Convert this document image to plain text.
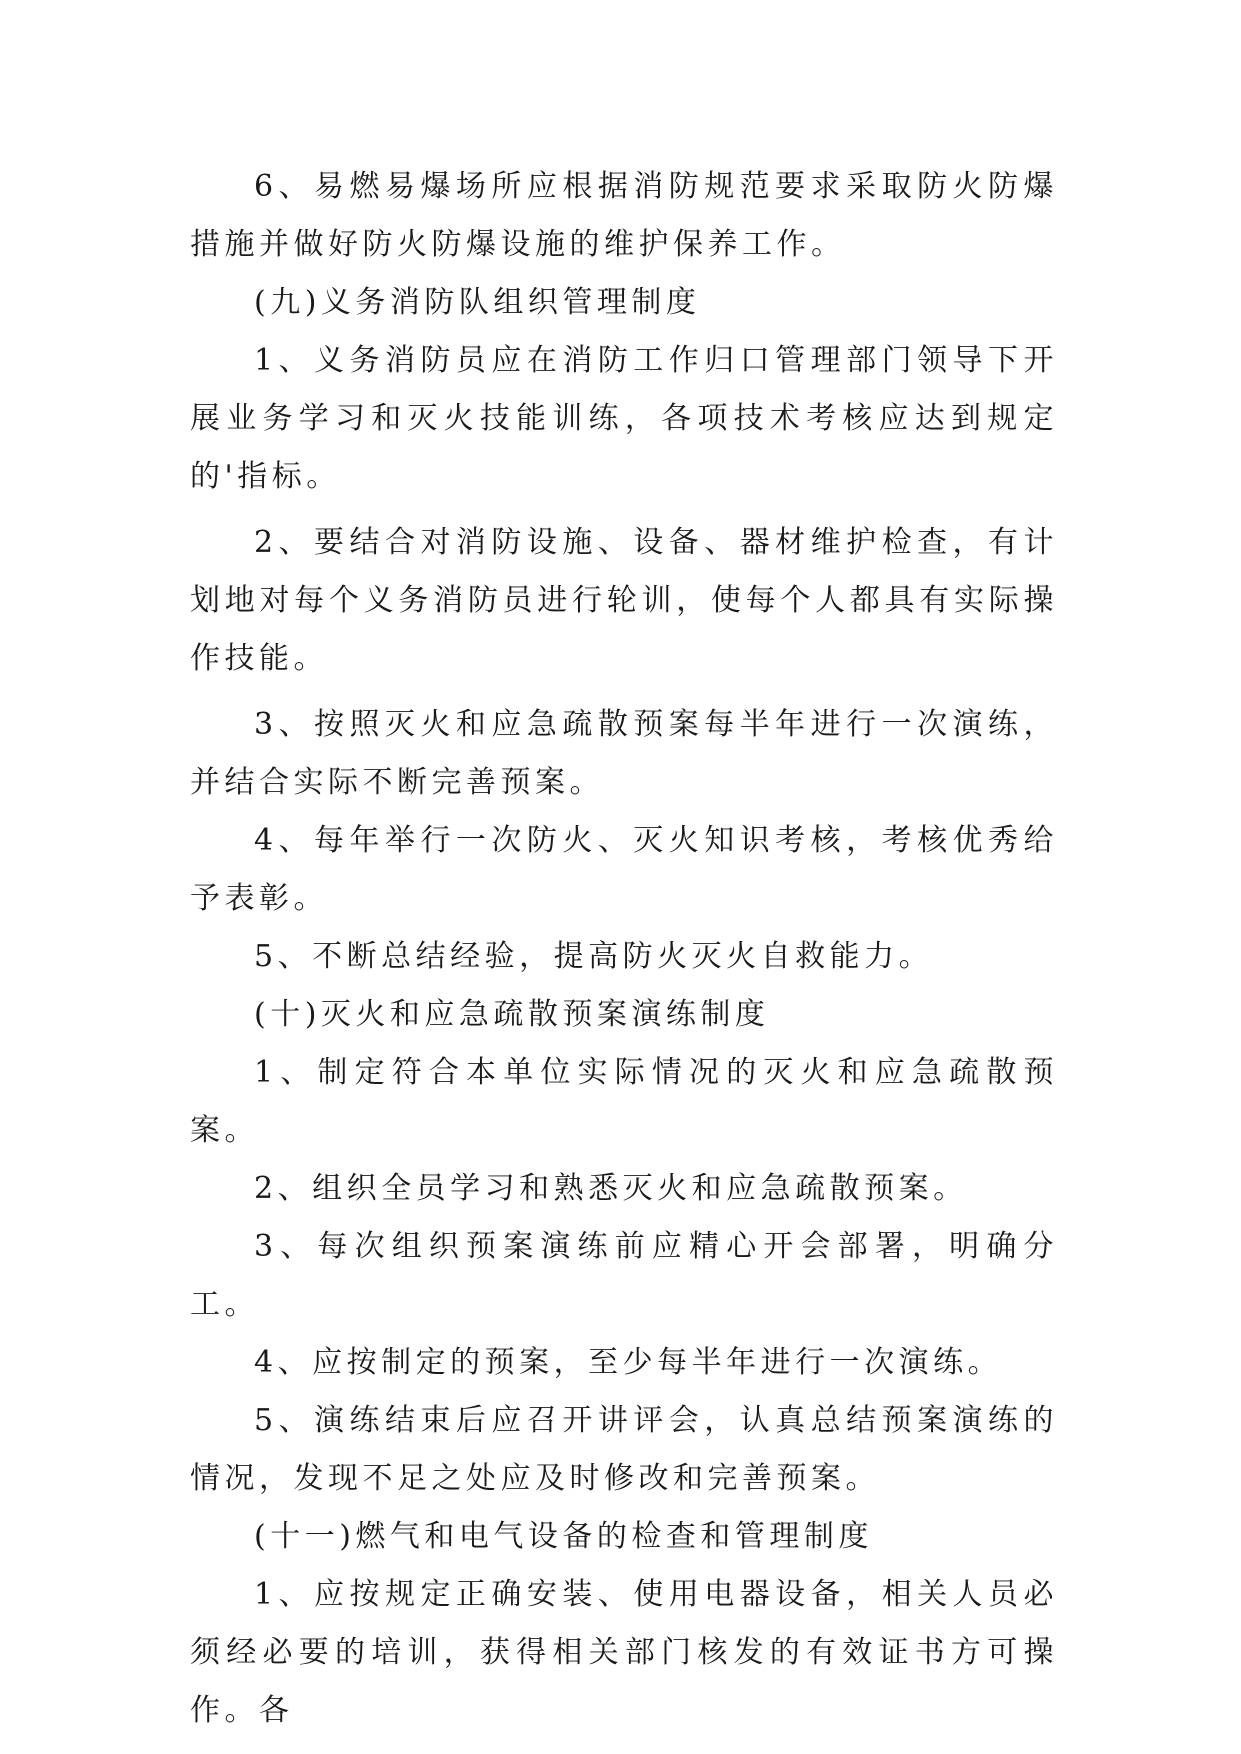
6、易燃易爆场所应根据消防规范要求采取防火防爆措施并做好防火防爆设施的维护保养工作。

(九)义务消防队组织管理制度

1、义务消防员应在消防工作归口管理部门领导下开展业务学习和灭火技能训练，各项技术考核应达到规定的'指标。

2、要结合对消防设施、设备、器材维护检查，有计划地对每个义务消防员进行轮训，使每个人都具有实际操作技能。

3、按照灭火和应急疏散预案每半年进行一次演练，并结合实际不断完善预案。

4、每年举行一次防火、灭火知识考核，考核优秀给予表彰。

5、不断总结经验，提高防火灭火自救能力。

(十)灭火和应急疏散预案演练制度

1、制定符合本单位实际情况的灭火和应急疏散预案。

2、组织全员学习和熟悉灭火和应急疏散预案。

3、每次组织预案演练前应精心开会部署，明确分工。

4、应按制定的预案，至少每半年进行一次演练。

5、演练结束后应召开讲评会，认真总结预案演练的情况，发现不足之处应及时修改和完善预案。

(十一)燃气和电气设备的检查和管理制度

1、应按规定正确安装、使用电器设备，相关人员必须经必要的培训，获得相关部门核发的有效证书方可操作。各
